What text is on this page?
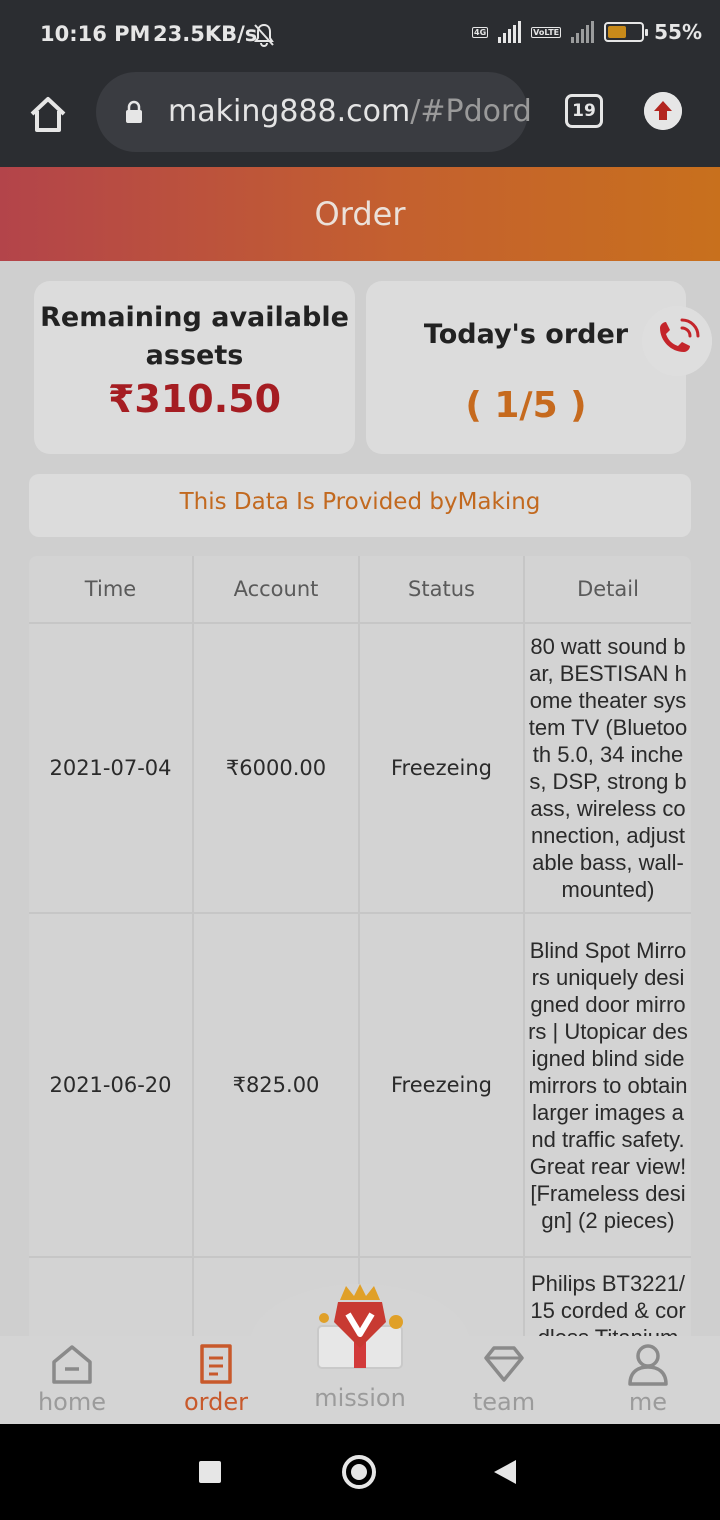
10:16 PM 23.5KB/s	4G	VoLTE	55%
making888.com/#Pdord	19
Order
Remaining available assets
₹310.50
Today's order
( 1/5 )
This Data Is Provided byMaking
Time	Account	Status	Detail
2021-07-04	₹6000.00	Freezeing
80 watt sound bar, BESTISAN home theater system TV (Bluetooth 5.0, 34 inches, DSP, strong bass, wireless connection, adjustable bass, wall-mounted)
2021-06-20	₹825.00	Freezeing
Blind Spot Mirrors uniquely designed door mirrors | Utopicar designed blind side mirrors to obtain larger images and traffic safety. Great rear view! [Frameless design] (2 pieces)
Philips BT3221/15 corded & cor
home	order	team	me
mission
